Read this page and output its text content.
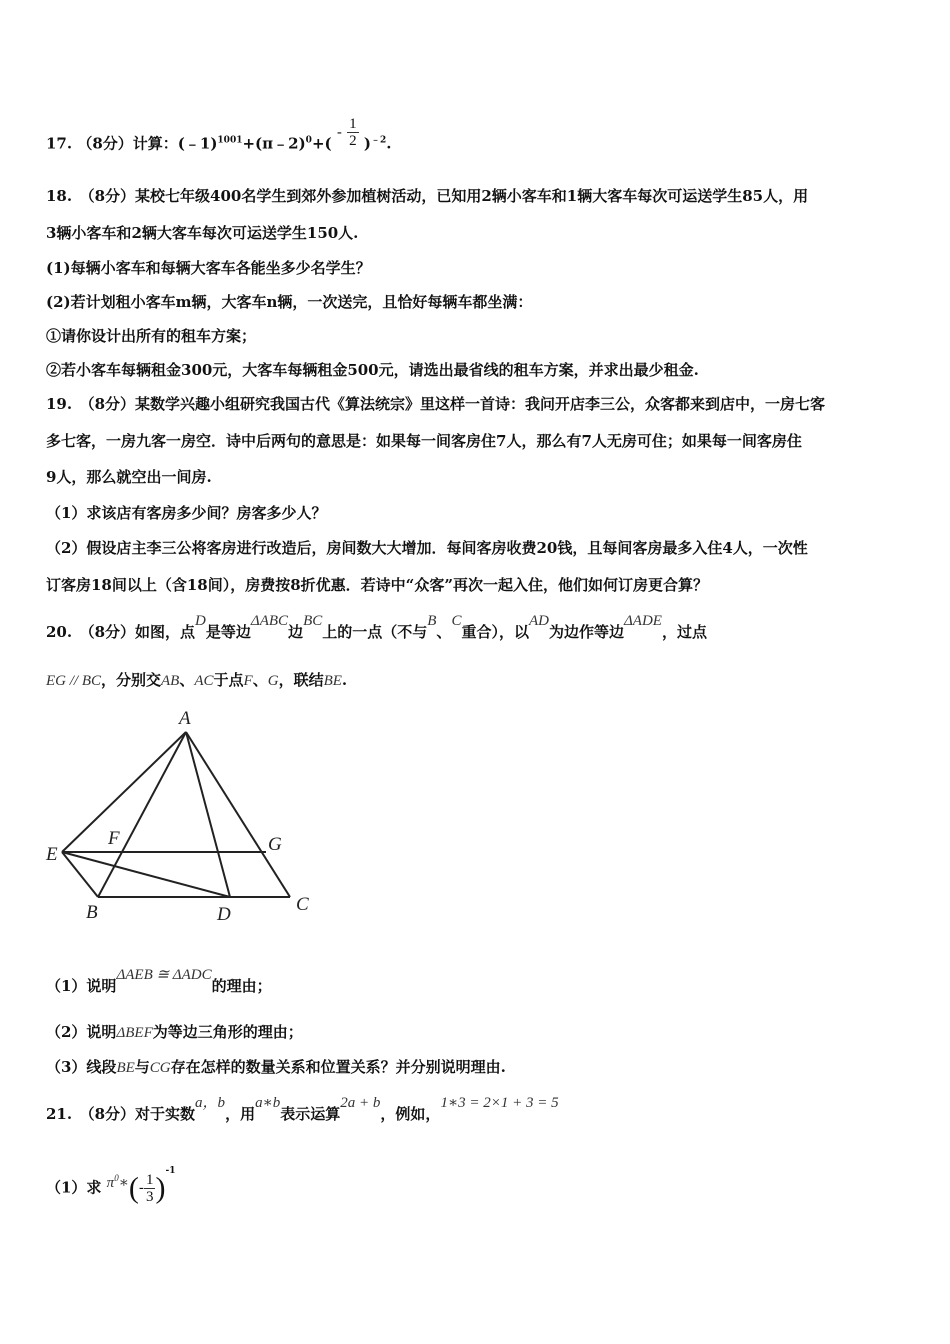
17. （8分）计算：(﹣1)$^{1001}$+(π﹣2)$^0$+( - $\frac{1}{2} )^{﹣2}$.
18.　（8分）某校七年级400名学生到郊外参加植树活动，已知用2辆小客车和1辆大客车每次可运送学生85人，用
3辆小客车和2辆大客车每次可运送学生150人.
(1)每辆小客车和每辆大客车各能坐多少名学生？
(2)若计划租小客车m辆，大客车n辆，一次送完，且恰好每辆车都坐满：
①请你设计出所有的租车方案；
②若小客车每辆租金300元，大客车每辆租金500元，请选出最省线的租车方案，并求出最少租金.
19.　（8分）某数学兴趣小组研究我国古代《算法统宗》里这样一首诗：我问开店李三公，众客都来到店中，一房七客
多七客，一房九客一房空．诗中后两句的意思是：如果每一间客房住7人，那么有7人无房可住；如果每一间客房住
9人，那么就空出一间房.
（1）求该店有客房多少间？房客多少人？
（2）假设店主李三公将客房进行改造后，房间数大大增加．每间客房收费20钱，且每间客房最多入住4人，一次性
订客房18间以上（含18间），房费按8折优惠．若诗中“众客”再次一起入住，他们如何订房更合算？
20.　（8分）如图，点D是等边ΔABC边BC上的一点（不与B、C重合），以AD为边作等边ΔADE，过点
EG // BC，分别交AB、AC于点F、G，联结BE.
A
E
F	G
B	D	C
（1）说明ΔAEB ≅ ΔADC的理由；
（2）说明ΔBEF为等边三角形的理由；
（3）线段BE与CG存在怎样的数量关系和位置关系？并分别说明理由.
21.　（8分）对于实数a，b，用a∗b表示运算2a + b，例如，1∗3 = 2×1 + 3 = 5
（1）求 $\pi^0∗(- \frac{1}{3} )^{-1}$
